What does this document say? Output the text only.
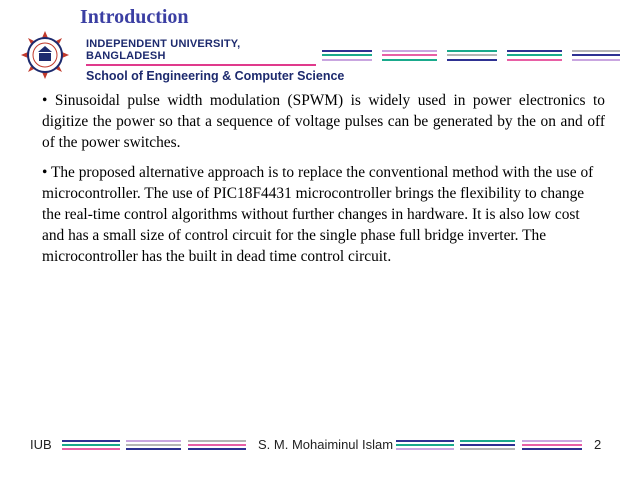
Introduction
INDEPENDENT UNIVERSITY, BANGLADESH
School of Engineering & Computer Science

• Sinusoidal pulse width modulation (SPWM) is widely used in power electronics to digitize the power so that a sequence of voltage pulses can be generated by the on and off of the power switches.

• The proposed alternative approach is to replace the conventional method with the use of microcontroller. The use of PIC18F4431 microcontroller brings the flexibility to change the real-time control algorithms without further changes in hardware. It is also low cost and has a small size of control circuit for the single phase full bridge inverter. The microcontroller has the built in dead time control circuit.

IUB	S. M. Mohaiminul Islam	2
